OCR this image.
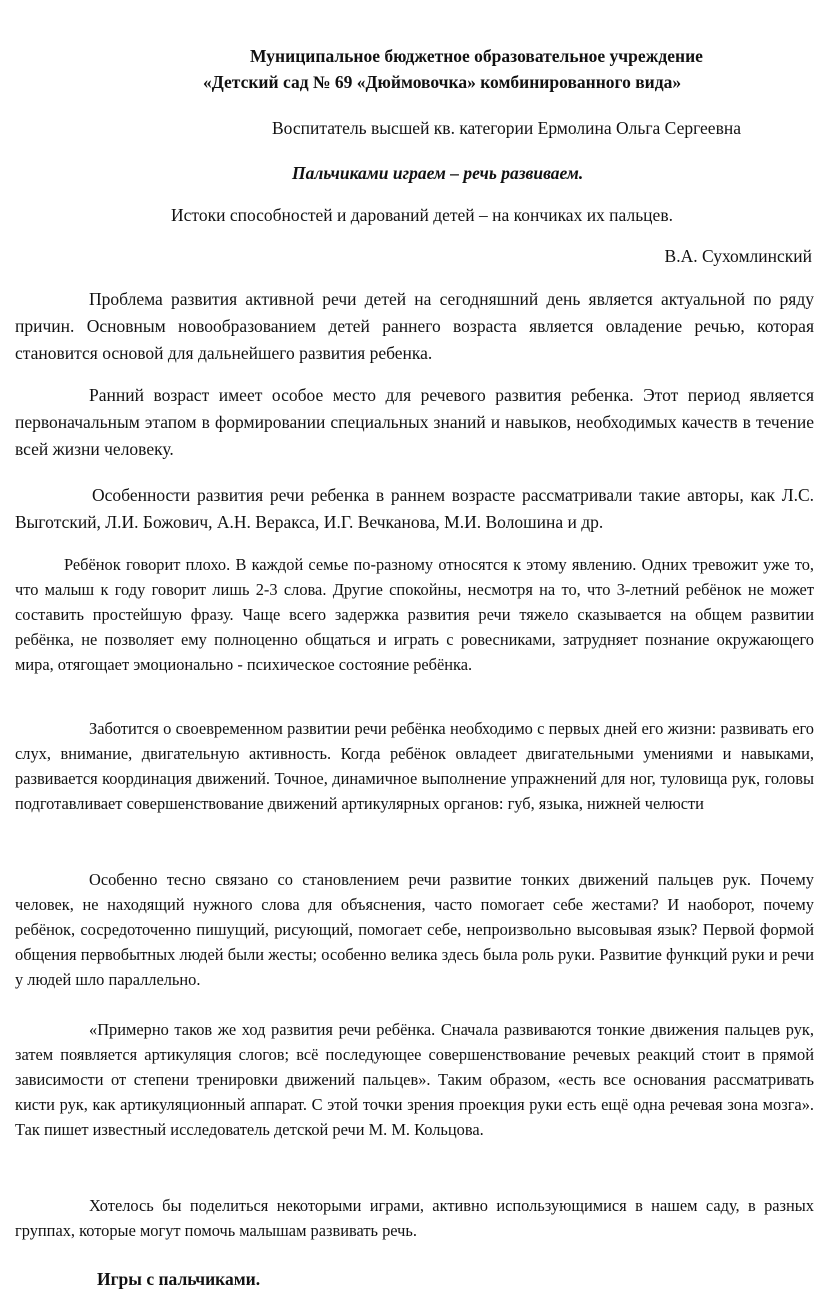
Муниципальное бюджетное образовательное учреждение
«Детский сад № 69 «Дюймовочка» комбинированного вида»
Воспитатель высшей кв. категории Ермолина Ольга Сергеевна
Пальчиками играем – речь развиваем.
Истоки способностей и дарований детей – на кончиках их пальцев.
В.А. Сухомлинский

Проблема развития активной речи детей на сегодняшний день является актуальной по ряду причин. Основным новообразованием детей раннего возраста является овладение речью, которая становится основой для дальнейшего развития ребенка.

Ранний возраст имеет особое место для речевого развития ребенка. Этот период является первоначальным этапом в формировании специальных знаний и навыков, необходимых качеств в течение всей жизни человеку.

Особенности развития речи ребенка в раннем возрасте рассматривали такие авторы, как Л.С. Выготский, Л.И. Божович, А.Н. Веракса, И.Г. Вечканова, М.И. Волошина и др.

Ребёнок говорит плохо. В каждой семье по-разному относятся к этому явлению. Одних тревожит уже то, что малыш к году говорит лишь 2-3 слова. Другие спокойны, несмотря на то, что 3-летний ребёнок не может составить простейшую фразу. Чаще всего задержка развития речи тяжело сказывается на общем развитии ребёнка, не позволяет ему полноценно общаться и играть с ровесниками, затрудняет познание окружающего мира, отягощает эмоционально - психическое состояние ребёнка.

Заботится о своевременном развитии речи ребёнка необходимо с первых дней его жизни: развивать его слух, внимание, двигательную активность. Когда ребёнок овладеет двигательными умениями и навыками, развивается координация движений. Точное, динамичное выполнение упражнений для ног, туловища рук, головы подготавливает совершенствование движений артикулярных органов: губ, языка, нижней челюсти

Особенно тесно связано со становлением речи развитие тонких движений пальцев рук. Почему человек, не находящий нужного слова для объяснения, часто помогает себе жестами? И наоборот, почему ребёнок, сосредоточенно пишущий, рисующий, помогает себе, непроизвольно высовывая язык? Первой формой общения первобытных людей были жесты; особенно велика здесь была роль руки. Развитие функций руки и речи у людей шло параллельно.

«Примерно таков же ход развития речи ребёнка. Сначала развиваются тонкие движения пальцев рук, затем появляется артикуляция слогов; всё последующее совершенствование речевых реакций стоит в прямой зависимости от степени тренировки движений пальцев». Таким образом, «есть все основания рассматривать кисти рук, как артикуляционный аппарат. С этой точки зрения проекция руки есть ещё одна речевая зона мозга». Так пишет известный исследователь детской речи М. М. Кольцова.

Хотелось бы поделиться некоторыми играми, активно использующимися в нашем саду, в разных группах, которые могут помочь малышам развивать речь.

Игры с пальчиками.
